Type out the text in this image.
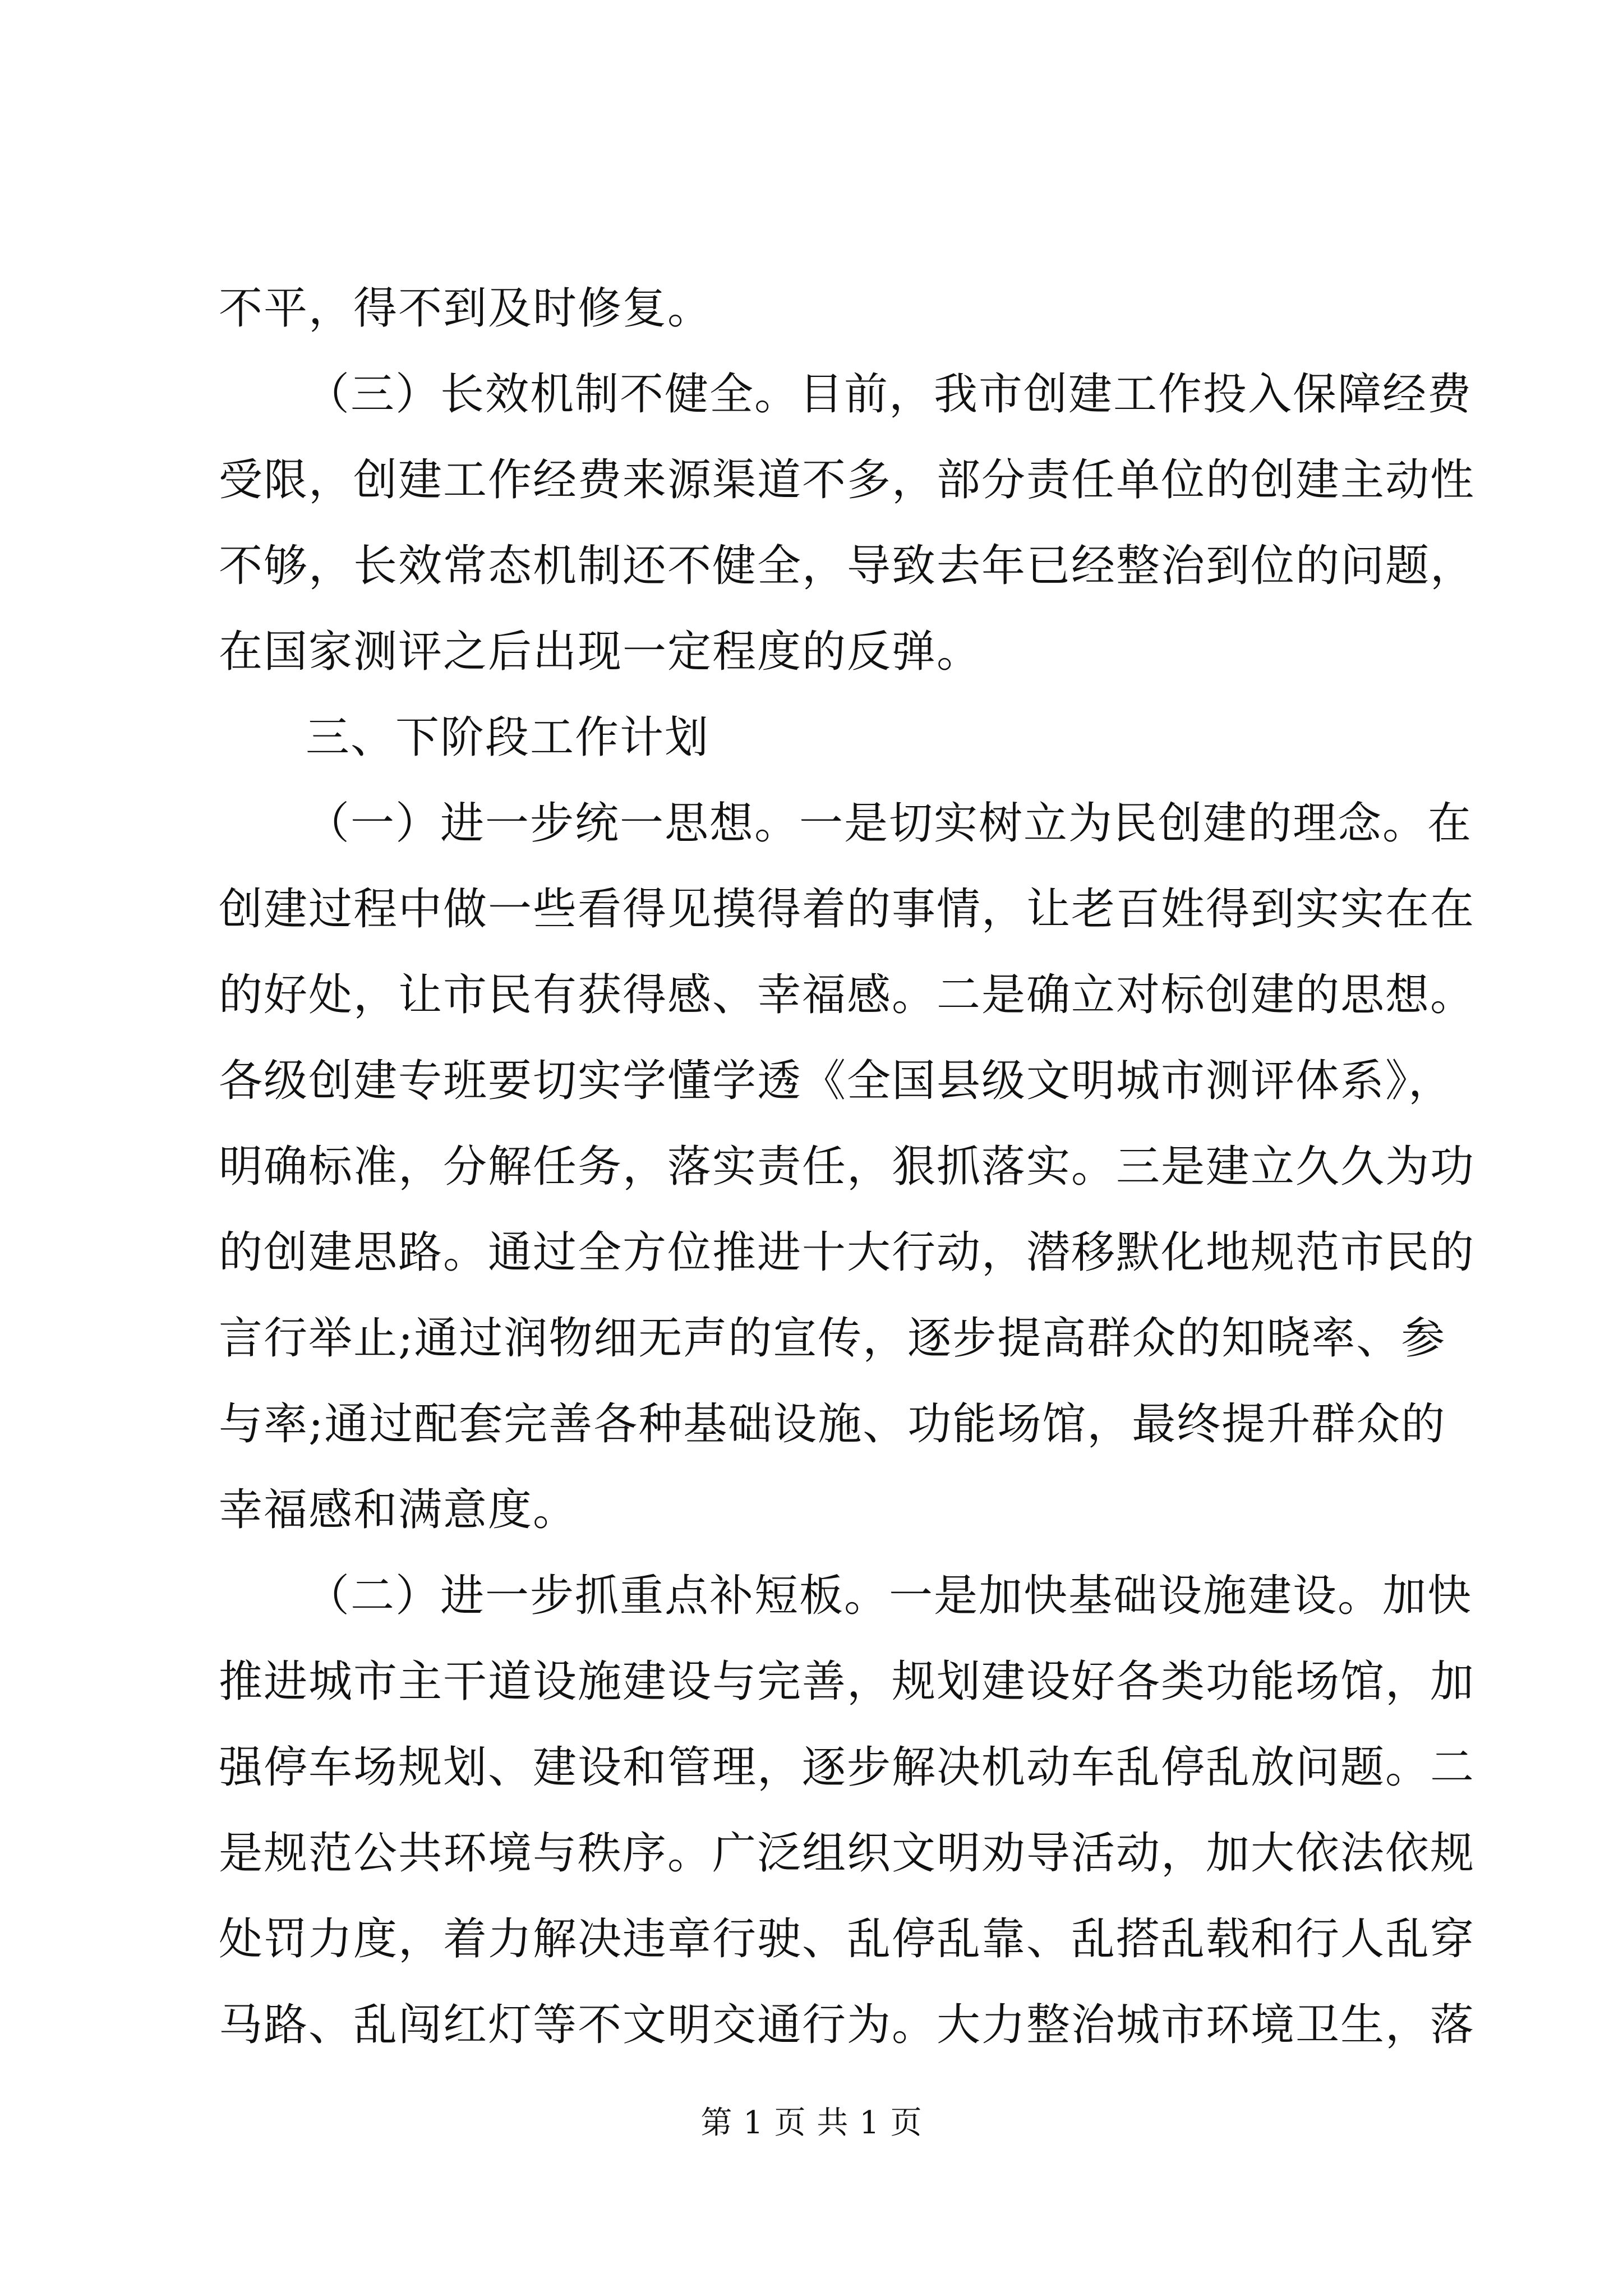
不平，得不到及时修复。
（三）长效机制不健全。目前，我市创建工作投入保障经费
受限，创建工作经费来源渠道不多，部分责任单位的创建主动性
不够，长效常态机制还不健全，导致去年已经整治到位的问题，
在国家测评之后出现一定程度的反弹。
三、下阶段工作计划
（一）进一步统一思想。一是切实树立为民创建的理念。在
创建过程中做一些看得见摸得着的事情，让老百姓得到实实在在
的好处，让市民有获得感、幸福感。二是确立对标创建的思想。
各级创建专班要切实学懂学透《全国县级文明城市测评体系》，
明确标准，分解任务，落实责任，狠抓落实。三是建立久久为功
的创建思路。通过全方位推进十大行动，潜移默化地规范市民的
言行举止;通过润物细无声的宣传，逐步提高群众的知晓率、参
与率;通过配套完善各种基础设施、功能场馆，最终提升群众的
幸福感和满意度。
（二）进一步抓重点补短板。一是加快基础设施建设。加快
推进城市主干道设施建设与完善，规划建设好各类功能场馆，加
强停车场规划、建设和管理，逐步解决机动车乱停乱放问题。二
是规范公共环境与秩序。广泛组织文明劝导活动，加大依法依规
处罚力度，着力解决违章行驶、乱停乱靠、乱搭乱载和行人乱穿
马路、乱闯红灯等不文明交通行为。大力整治城市环境卫生，落
第 1 页 共 1 页
